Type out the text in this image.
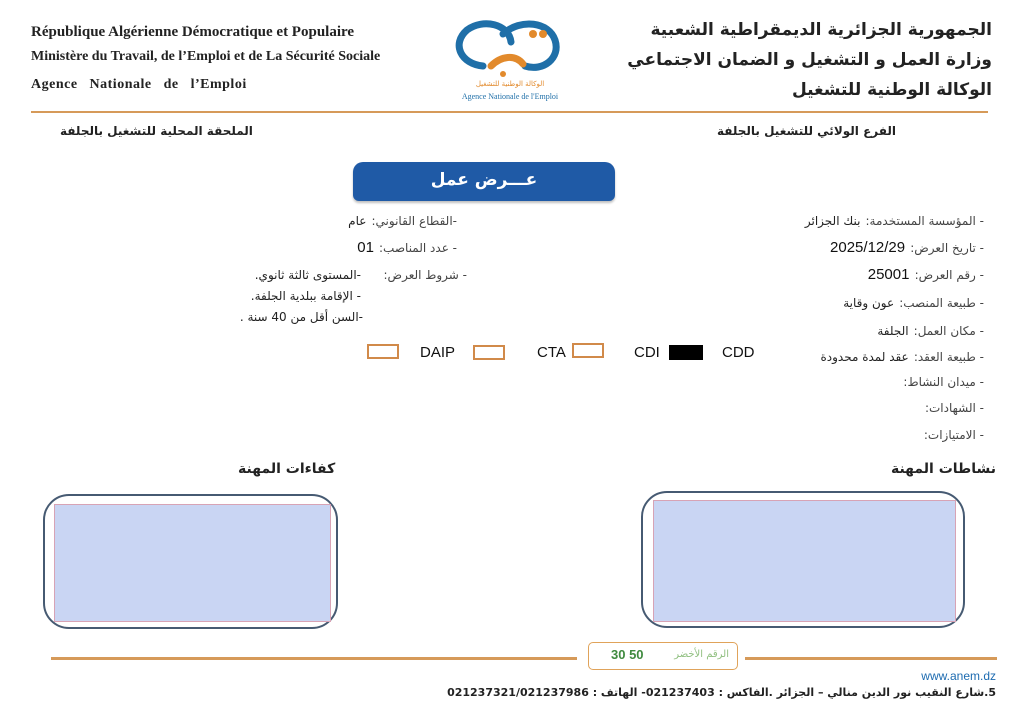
République Algérienne Démocratique et Populaire
Ministère du Travail, de l’Emploi et de La Sécurité Sociale
Agence   Nationale   de   l’Emploi	الوكالة الوطنية للتشغيل
Agence Nationale de l'Emploi
الجمهورية الجزائرية الديمقراطية الشعبية
وزارة العمل و التشغيل و الضمان الاجتماعي
الوكالة الوطنية للتشغيل
الفرع الولائي للتشغيل بالجلفة
الملحقة المحلية للتشغيل بالجلفة
عـــرض عمل
- المؤسسة المستخدمة: بنك الجزائر
- تاريخ العرض: 2025/12/29
- رقم العرض: 25001
- طبيعة المنصب: عون وقاية
- مكان العمل: الجلفة
- طبيعة العقد: عقد لمدة محدودة
- ميدان النشاط:
- الشهادات:
- الامتيازات:
-القطاع القانوني: عام
- عدد المناصب: 01
- شروط العرض:
-المستوى ثالثة ثانوي.
- الإقامة ببلدية الجلفة.
-السن أقل من 40 سنة .
CDD
CDI
CTA
DAIP
نشاطات المهنة
كفاءات المهنة
الرقم الأخضر
30 50
www.anem.dz
5.شارع النقيب نور الدين منالي – الجزائر .الفاكس : 021237403- الهاتف : 021237321/021237986
